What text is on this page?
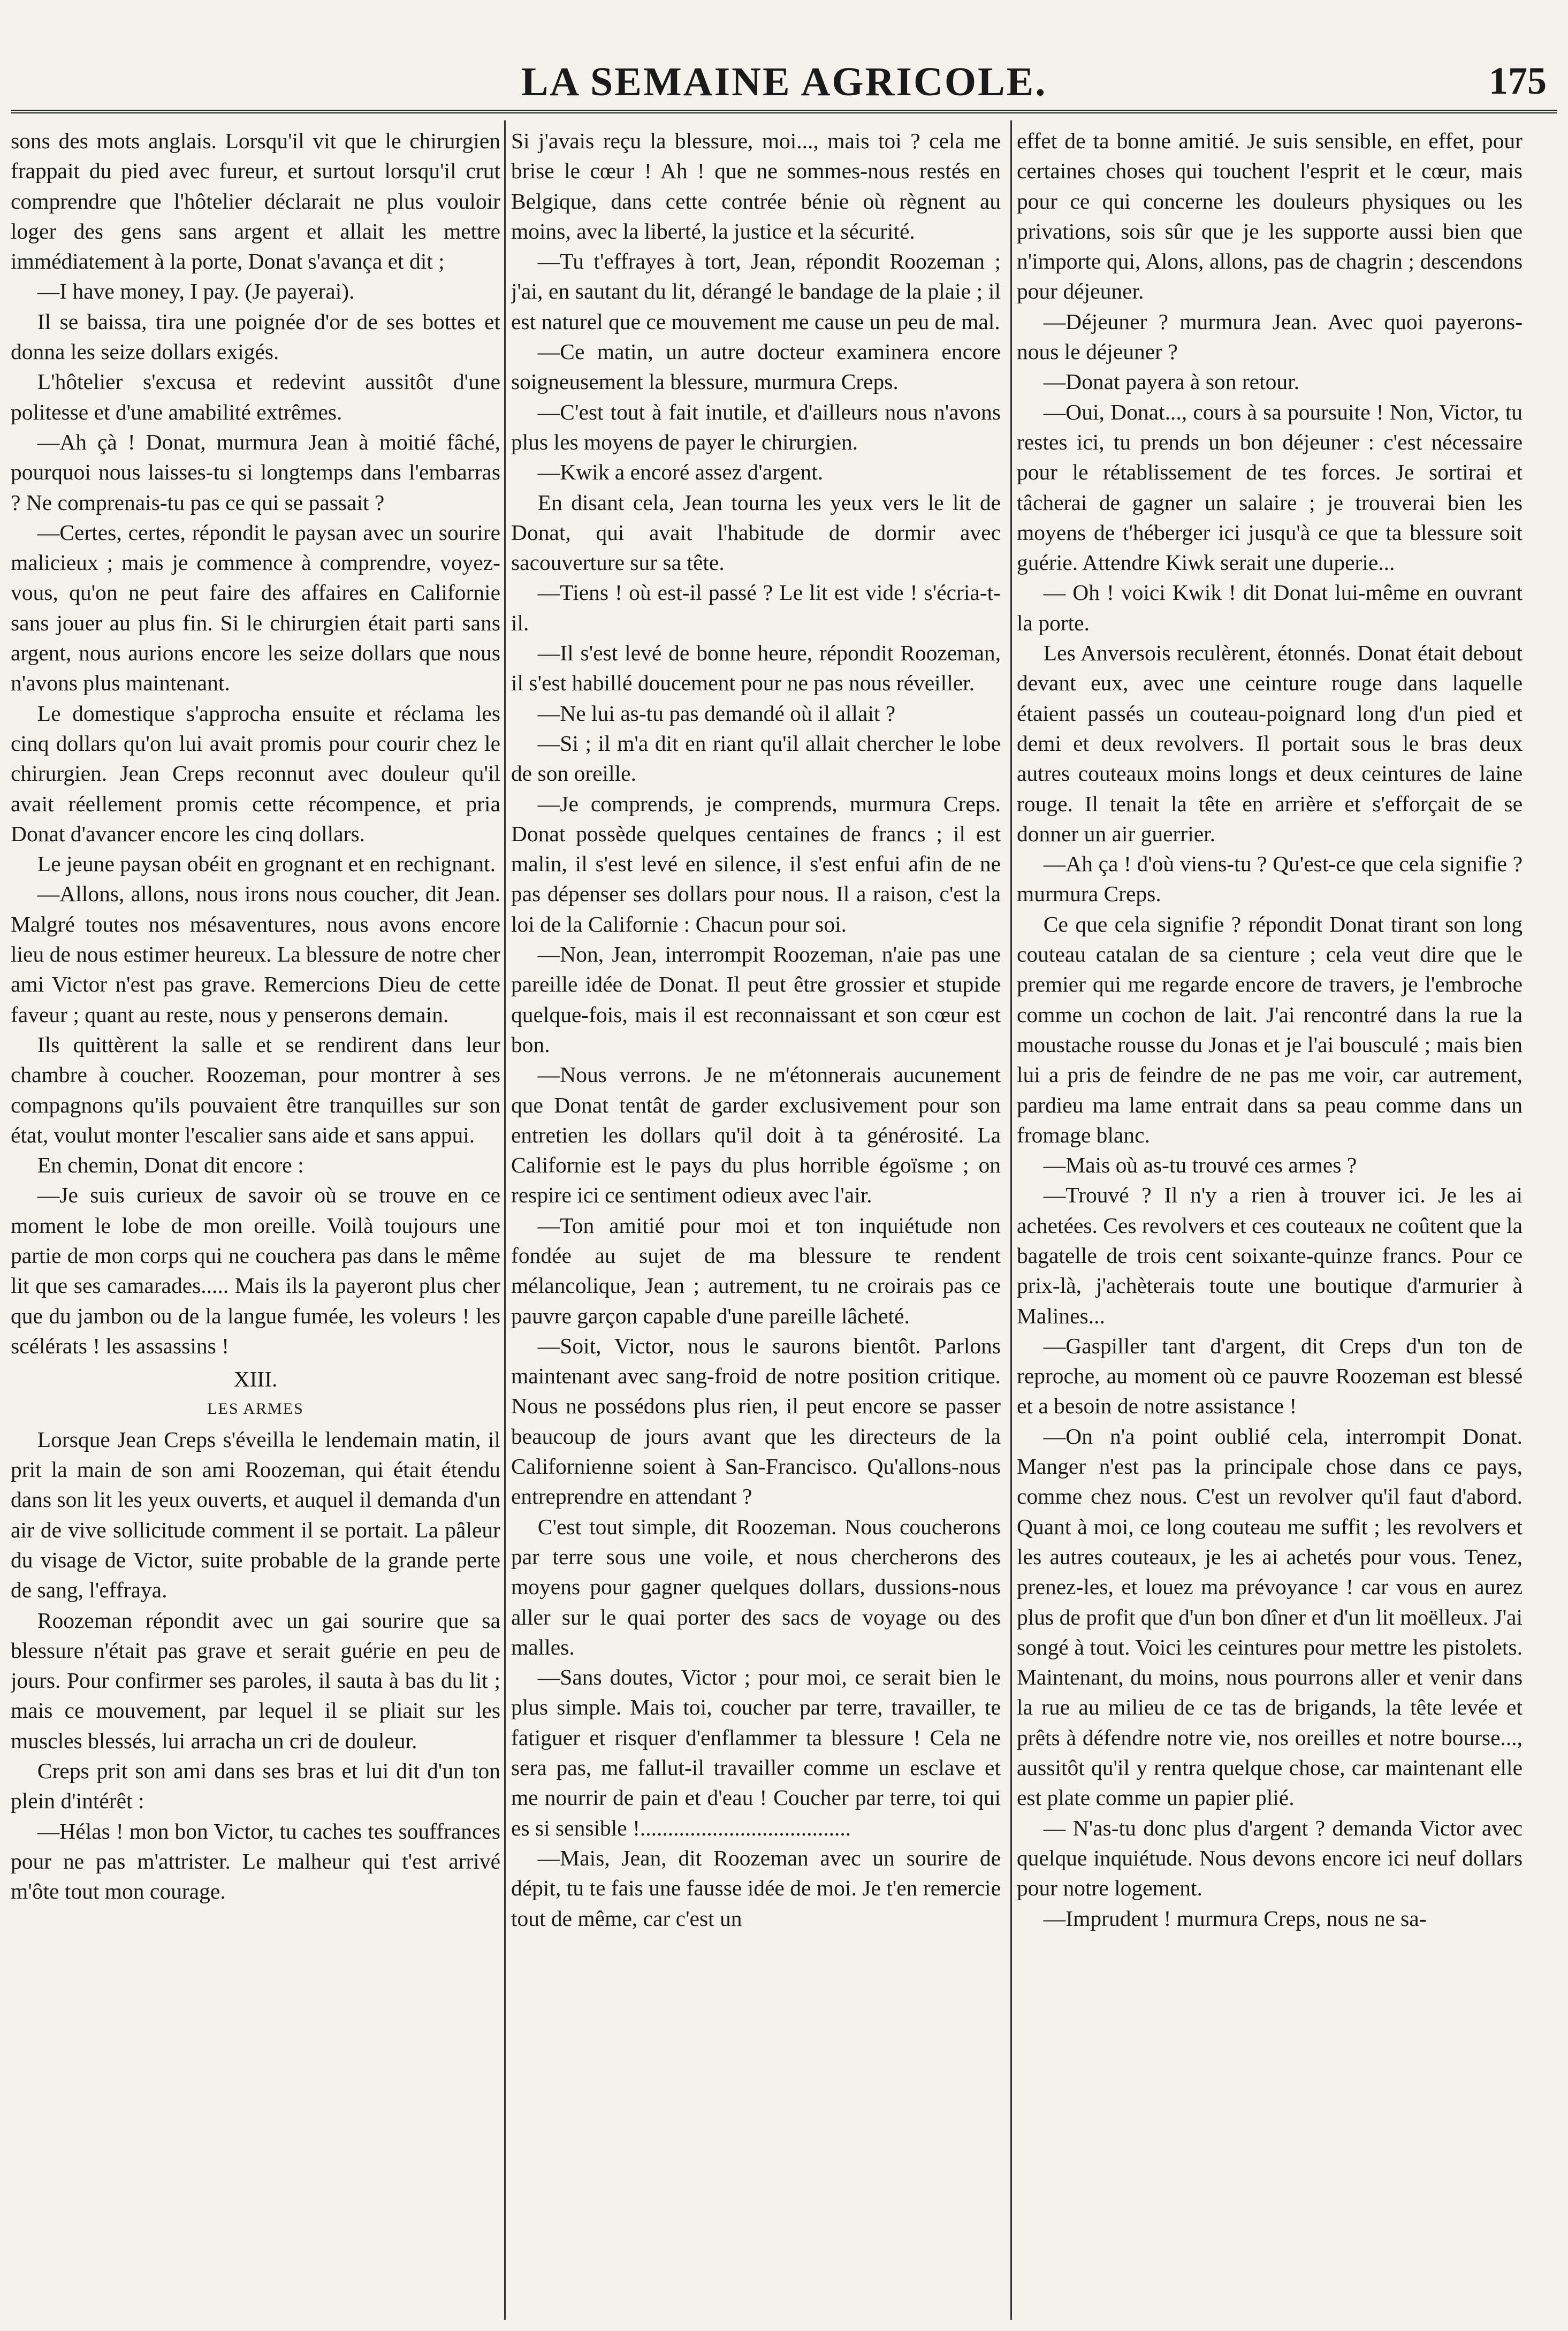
LA SEMAINE AGRICOLE.	175

sons des mots anglais. Lorsqu'il vit que le chirurgien frappait du pied avec fureur, et surtout lorsqu'il crut comprendre que l'hôtelier déclarait ne plus vouloir loger des gens sans argent et allait les mettre immédiatement à la porte, Donat s'avança et dit ;

—I have money, I pay. (Je payerai).

Il se baissa, tira une poignée d'or de ses bottes et donna les seize dollars exigés.

L'hôtelier s'excusa et redevint aussitôt d'une politesse et d'une amabilité extrêmes.

—Ah çà ! Donat, murmura Jean à moitié fâché, pourquoi nous laisses-tu si longtemps dans l'embarras ? Ne comprenais-tu pas ce qui se passait ?

—Certes, certes, répondit le paysan avec un sourire malicieux ; mais je commence à comprendre, voyez-vous, qu'on ne peut faire des affaires en Californie sans jouer au plus fin. Si le chirurgien était parti sans argent, nous aurions encore les seize dollars que nous n'avons plus maintenant.

Le domestique s'approcha ensuite et réclama les cinq dollars qu'on lui avait promis pour courir chez le chirurgien. Jean Creps reconnut avec douleur qu'il avait réellement promis cette récompence, et pria Donat d'avancer encore les cinq dollars.

Le jeune paysan obéit en grognant et en rechignant.

—Allons, allons, nous irons nous coucher, dit Jean. Malgré toutes nos mésaventures, nous avons encore lieu de nous estimer heureux. La blessure de notre cher ami Victor n'est pas grave. Remercions Dieu de cette faveur ; quant au reste, nous y penserons demain.

Ils quittèrent la salle et se rendirent dans leur chambre à coucher. Roozeman, pour montrer à ses compagnons qu'ils pouvaient être tranquilles sur son état, voulut monter l'escalier sans aide et sans appui.

En chemin, Donat dit encore :

—Je suis curieux de savoir où se trouve en ce moment le lobe de mon oreille. Voilà toujours une partie de mon corps qui ne couchera pas dans le même lit que ses camarades..... Mais ils la payeront plus cher que du jambon ou de la langue fumée, les voleurs ! les scélérats ! les assassins !

XIII.

LES ARMES

Lorsque Jean Creps s'éveilla le lendemain matin, il prit la main de son ami Roozeman, qui était étendu dans son lit les yeux ouverts, et auquel il demanda d'un air de vive sollicitude comment il se portait. La pâleur du visage de Victor, suite probable de la grande perte de sang, l'effraya.

Roozeman répondit avec un gai sourire que sa blessure n'était pas grave et serait guérie en peu de jours. Pour confirmer ses paroles, il sauta à bas du lit ; mais ce mouvement, par lequel il se pliait sur les muscles blessés, lui arracha un cri de douleur.

Creps prit son ami dans ses bras et lui dit d'un ton plein d'intérêt :

—Hélas ! mon bon Victor, tu caches tes souffrances pour ne pas m'attrister. Le malheur qui t'est arrivé m'ôte tout mon courage.

Si j'avais reçu la blessure, moi..., mais toi ? cela me brise le cœur ! Ah ! que ne sommes-nous restés en Belgique, dans cette contrée bénie où règnent au moins, avec la liberté, la justice et la sécurité.

—Tu t'effrayes à tort, Jean, répondit Roozeman ; j'ai, en sautant du lit, dérangé le bandage de la plaie ; il est naturel que ce mouvement me cause un peu de mal.

—Ce matin, un autre docteur examinera encore soigneusement la blessure, murmura Creps.

—C'est tout à fait inutile, et d'ailleurs nous n'avons plus les moyens de payer le chirurgien.

—Kwik a encoré assez d'argent.

En disant cela, Jean tourna les yeux vers le lit de Donat, qui avait l'habitude de dormir avec sacouverture sur sa tête.

—Tiens ! où est-il passé ? Le lit est vide ! s'écria-t-il.

—Il s'est levé de bonne heure, répondit Roozeman, il s'est habillé doucement pour ne pas nous réveiller.

—Ne lui as-tu pas demandé où il allait ?

—Si ; il m'a dit en riant qu'il allait chercher le lobe de son oreille.

—Je comprends, je comprends, murmura Creps. Donat possède quelques centaines de francs ; il est malin, il s'est levé en silence, il s'est enfui afin de ne pas dépenser ses dollars pour nous. Il a raison, c'est la loi de la Californie : Chacun pour soi.

—Non, Jean, interrompit Roozeman, n'aie pas une pareille idée de Donat. Il peut être grossier et stupide quelque-fois, mais il est reconnaissant et son cœur est bon.

—Nous verrons. Je ne m'étonnerais aucunement que Donat tentât de garder exclusivement pour son entretien les dollars qu'il doit à ta générosité. La Californie est le pays du plus horrible égoïsme ; on respire ici ce sentiment odieux avec l'air.

—Ton amitié pour moi et ton inquiétude non fondée au sujet de ma blessure te rendent mélancolique, Jean ; autrement, tu ne croirais pas ce pauvre garçon capable d'une pareille lâcheté.

—Soit, Victor, nous le saurons bientôt. Parlons maintenant avec sang-froid de notre position critique. Nous ne possédons plus rien, il peut encore se passer beaucoup de jours avant que les directeurs de la Californienne soient à San-Francisco. Qu'allons-nous entreprendre en attendant ?

C'est tout simple, dit Roozeman. Nous coucherons par terre sous une voile, et nous chercherons des moyens pour gagner quelques dollars, dussions-nous aller sur le quai porter des sacs de voyage ou des malles.

—Sans doutes, Victor ; pour moi, ce serait bien le plus simple. Mais toi, coucher par terre, travailler, te fatiguer et risquer d'enflammer ta blessure ! Cela ne sera pas, me fallut-il travailler comme un esclave et me nourrir de pain et d'eau ! Coucher par terre, toi qui es si sensible !......................................

—Mais, Jean, dit Roozeman avec un sourire de dépit, tu te fais une fausse idée de moi. Je t'en remercie tout de même, car c'est un

effet de ta bonne amitié. Je suis sensible, en effet, pour certaines choses qui touchent l'esprit et le cœur, mais pour ce qui concerne les douleurs physiques ou les privations, sois sûr que je les supporte aussi bien que n'importe qui, Alons, allons, pas de chagrin ; descendons pour déjeuner.

—Déjeuner ? murmura Jean. Avec quoi payerons-nous le déjeuner ?

—Donat payera à son retour.

—Oui, Donat..., cours à sa poursuite ! Non, Victor, tu restes ici, tu prends un bon déjeuner : c'est nécessaire pour le rétablissement de tes forces. Je sortirai et tâcherai de gagner un salaire ; je trouverai bien les moyens de t'héberger ici jusqu'à ce que ta blessure soit guérie. Attendre Kiwk serait une duperie...

— Oh ! voici Kwik ! dit Donat lui-même en ouvrant la porte.

Les Anversois reculèrent, étonnés. Donat était debout devant eux, avec une ceinture rouge dans laquelle étaient passés un couteau-poignard long d'un pied et demi et deux revolvers. Il portait sous le bras deux autres couteaux moins longs et deux ceintures de laine rouge. Il tenait la tête en arrière et s'efforçait de se donner un air guerrier.

—Ah ça ! d'où viens-tu ? Qu'est-ce que cela signifie ? murmura Creps.

Ce que cela signifie ? répondit Donat tirant son long couteau catalan de sa cienture ; cela veut dire que le premier qui me regarde encore de travers, je l'embroche comme un cochon de lait. J'ai rencontré dans la rue la moustache rousse du Jonas et je l'ai bousculé ; mais bien lui a pris de feindre de ne pas me voir, car autrement, pardieu ma lame entrait dans sa peau comme dans un fromage blanc.

—Mais où as-tu trouvé ces armes ?

—Trouvé ? Il n'y a rien à trouver ici. Je les ai achetées. Ces revolvers et ces couteaux ne coûtent que la bagatelle de trois cent soixante-quinze francs. Pour ce prix-là, j'achèterais toute une boutique d'armurier à Malines...

—Gaspiller tant d'argent, dit Creps d'un ton de reproche, au moment où ce pauvre Roozeman est blessé et a besoin de notre assistance !

—On n'a point oublié cela, interrompit Donat. Manger n'est pas la principale chose dans ce pays, comme chez nous. C'est un revolver qu'il faut d'abord. Quant à moi, ce long couteau me suffit ; les revolvers et les autres couteaux, je les ai achetés pour vous. Tenez, prenez-les, et louez ma prévoyance ! car vous en aurez plus de profit que d'un bon dîner et d'un lit moëlleux. J'ai songé à tout. Voici les ceintures pour mettre les pistolets. Maintenant, du moins, nous pourrons aller et venir dans la rue au milieu de ce tas de brigands, la tête levée et prêts à défendre notre vie, nos oreilles et notre bourse..., aussitôt qu'il y rentra quelque chose, car maintenant elle est plate comme un papier plié.

— N'as-tu donc plus d'argent ? demanda Victor avec quelque inquiétude. Nous devons encore ici neuf dollars pour notre logement.

—Imprudent ! murmura Creps, nous ne sa-
